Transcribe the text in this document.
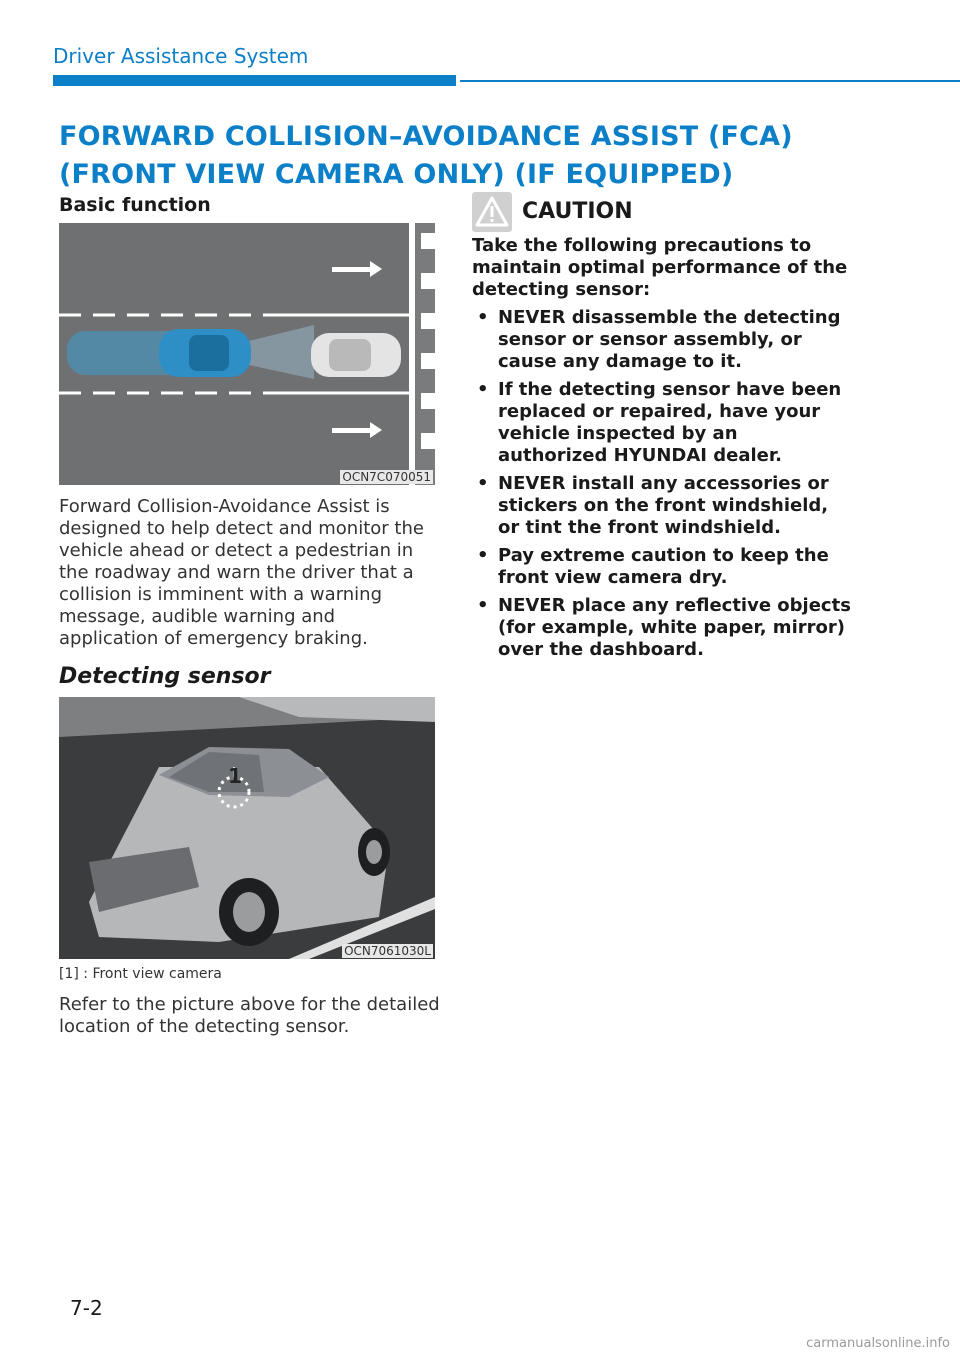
Driver Assistance System
FORWARD COLLISION–AVOIDANCE ASSIST (FCA) (FRONT VIEW CAMERA ONLY) (IF EQUIPPED)
Basic function
OCN7C070051
Forward Collision-Avoidance Assist is designed to help detect and monitor the vehicle ahead or detect a pedestrian in the roadway and warn the driver that a collision is imminent with a warning message, audible warning and application of emergency braking.
Detecting sensor
1
OCN7061030L
[1] : Front view camera
Refer to the picture above for the detailed location of the detecting sensor.
CAUTION
Take the following precautions to maintain optimal performance of the detecting sensor:
• NEVER disassemble the detecting sensor or sensor assembly, or cause any damage to it.
• If the detecting sensor have been replaced or repaired, have your vehicle inspected by an authorized HYUNDAI dealer.
• NEVER install any accessories or stickers on the front windshield, or tint the front windshield.
• Pay extreme caution to keep the front view camera dry.
• NEVER place any reflective objects (for example, white paper, mirror) over the dashboard.
7-2
carmanualsonline.info
